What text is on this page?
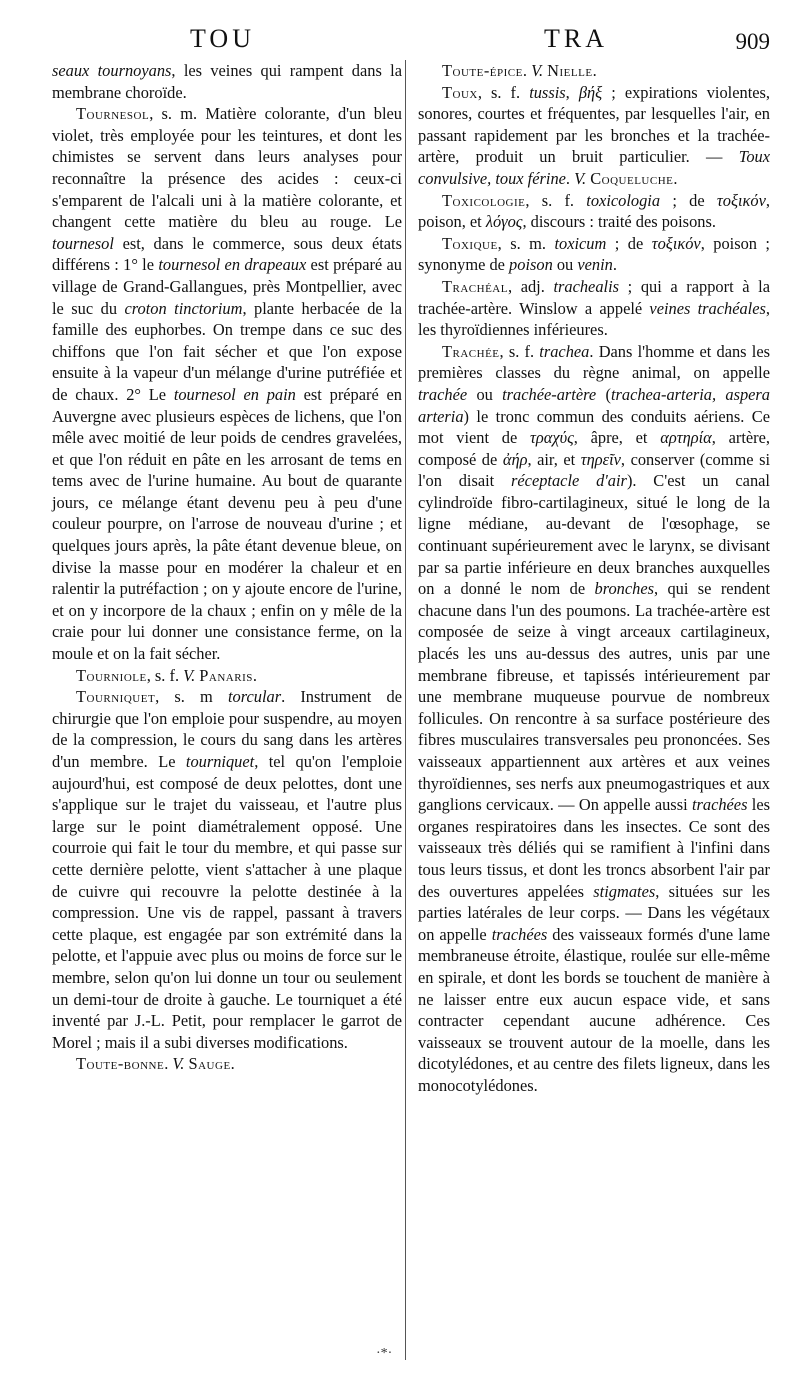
TOU	TRA	909

seaux tournoyans, les veines qui rampent dans la membrane choroïde.

Tournesol, s. m. Matière colorante, d'un bleu violet, très employée pour les teintures, et dont les chimistes se servent dans leurs analyses pour reconnaître la présence des acides : ceux-ci s'emparent de l'alcali uni à la matière colorante, et changent cette matière du bleu au rouge. Le tournesol est, dans le commerce, sous deux états différens : 1° le tournesol en drapeaux est préparé au village de Grand-Gallangues, près Montpellier, avec le suc du croton tinctorium, plante herbacée de la famille des euphorbes. On trempe dans ce suc des chiffons que l'on fait sécher et que l'on expose ensuite à la vapeur d'un mélange d'urine putréfiée et de chaux. 2° Le tournesol en pain est préparé en Auvergne avec plusieurs espèces de lichens, que l'on mêle avec moitié de leur poids de cendres gravelées, et que l'on réduit en pâte en les arrosant de tems en tems avec de l'urine humaine. Au bout de quarante jours, ce mélange étant devenu peu à peu d'une couleur pourpre, on l'arrose de nouveau d'urine ; et quelques jours après, la pâte étant devenue bleue, on divise la masse pour en modérer la chaleur et en ralentir la putréfaction ; on y ajoute encore de l'urine, et on y incorpore de la chaux ; enfin on y mêle de la craie pour lui donner une consistance ferme, on la moule et on la fait sécher.

Tourniole, s. f. V. Panaris.

Tourniquet, s. m torcular. Instrument de chirurgie que l'on emploie pour suspendre, au moyen de la compression, le cours du sang dans les artères d'un membre. Le tourniquet, tel qu'on l'emploie aujourd'hui, est composé de deux pelottes, dont une s'applique sur le trajet du vaisseau, et l'autre plus large sur le point diamétralement opposé. Une courroie qui fait le tour du membre, et qui passe sur cette dernière pelotte, vient s'attacher à une plaque de cuivre qui recouvre la pelotte destinée à la compression. Une vis de rappel, passant à travers cette plaque, est engagée par son extrémité dans la pelotte, et l'appuie avec plus ou moins de force sur le membre, selon qu'on lui donne un tour ou seulement un demi-tour de droite à gauche. Le tourniquet a été inventé par J.-L. Petit, pour remplacer le garrot de Morel ; mais il a subi diverses modifications.

Toute-bonne. V. Sauge.

Toute-épice. V. Nielle.

Toux, s. f. tussis, βήξ ; expirations violentes, sonores, courtes et fréquentes, par lesquelles l'air, en passant rapidement par les bronches et la trachée-artère, produit un bruit particulier. — Toux convulsive, toux férine. V. Coqueluche.

Toxicologie, s. f. toxicologia ; de τοξικόν, poison, et λόγος, discours : traité des poisons.

Toxique, s. m. toxicum ; de τοξικόν, poison ; synonyme de poison ou venin.

Trachéal, adj. trachealis ; qui a rapport à la trachée-artère. Winslow a appelé veines trachéales, les thyroïdiennes inférieures.

Trachée, s. f. trachea. Dans l'homme et dans les premières classes du règne animal, on appelle trachée ou trachée-artère (trachea-arteria, aspera arteria) le tronc commun des conduits aériens. Ce mot vient de τραχύς, âpre, et αρτηρία, artère, composé de ἀήρ, air, et τηρεῖν, conserver (comme si l'on disait réceptacle d'air). C'est un canal cylindroïde fibro-cartilagineux, situé le long de la ligne médiane, au-devant de l'œsophage, se continuant supérieurement avec le larynx, se divisant par sa partie inférieure en deux branches auxquelles on a donné le nom de bronches, qui se rendent chacune dans l'un des poumons. La trachée-artère est composée de seize à vingt arceaux cartilagineux, placés les uns au-dessus des autres, unis par une membrane fibreuse, et tapissés intérieurement par une membrane muqueuse pourvue de nombreux follicules. On rencontre à sa surface postérieure des fibres musculaires transversales peu prononcées. Ses vaisseaux appartiennent aux artères et aux veines thyroïdiennes, ses nerfs aux pneumogastriques et aux ganglions cervicaux. — On appelle aussi trachées les organes respiratoires dans les insectes. Ce sont des vaisseaux très déliés qui se ramifient à l'infini dans tous leurs tissus, et dont les troncs absorbent l'air par des ouvertures appelées stigmates, situées sur les parties latérales de leur corps. — Dans les végétaux on appelle trachées des vaisseaux formés d'une lame membraneuse étroite, élastique, roulée sur elle-même en spirale, et dont les bords se touchent de manière à ne laisser entre eux aucun espace vide, et sans contracter cependant aucune adhérence. Ces vaisseaux se trouvent autour de la moelle, dans les dicotylédones, et au centre des filets ligneux, dans les monocotylédones.

·*·
